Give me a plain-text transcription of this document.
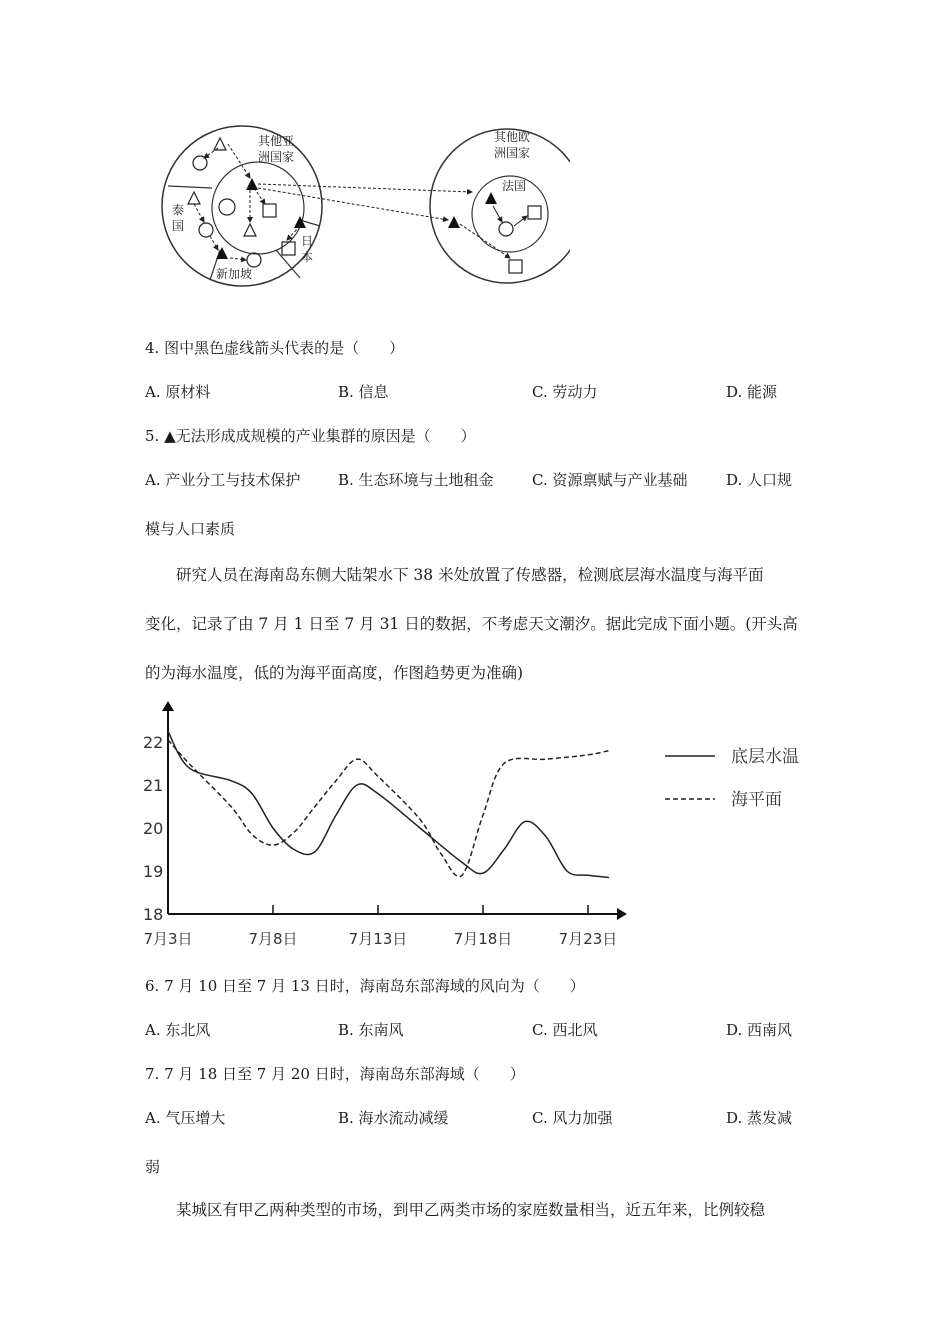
其他亚
洲国家
泰
国
新加坡
日
本
其他欧
洲国家
法国
4. 图中黑色虚线箭头代表的是（　　）
A. 原材料	B. 信息	C. 劳动力	D. 能源
5. ▲无法形成成规模的产业集群的原因是（　　）
A. 产业分工与技术保护	B. 生态环境与土地租金	C. 资源禀赋与产业基础	D. 人口规
模与人口素质
研究人员在海南岛东侧大陆架水下 38 米处放置了传感器，检测底层海水温度与海平面
变化，记录了由 7 月 1 日至 7 月 31 日的数据，不考虑天文潮汐。据此完成下面小题。(开头高
的为海水温度，低的为海平面高度，作图趋势更为准确)
7月3日	7月8日	7月13日	7月18日	7月23日
22
21
20
19
18
底层水温
海平面
6. 7 月 10 日至 7 月 13 日时，海南岛东部海域的风向为（　　）
A. 东北风	B. 东南风	C. 西北风	D. 西南风
7. 7 月 18 日至 7 月 20 日时，海南岛东部海域（　　）
A. 气压增大	B. 海水流动减缓	C. 风力加强	D. 蒸发减
弱
某城区有甲乙两种类型的市场，到甲乙两类市场的家庭数量相当，近五年来，比例较稳
